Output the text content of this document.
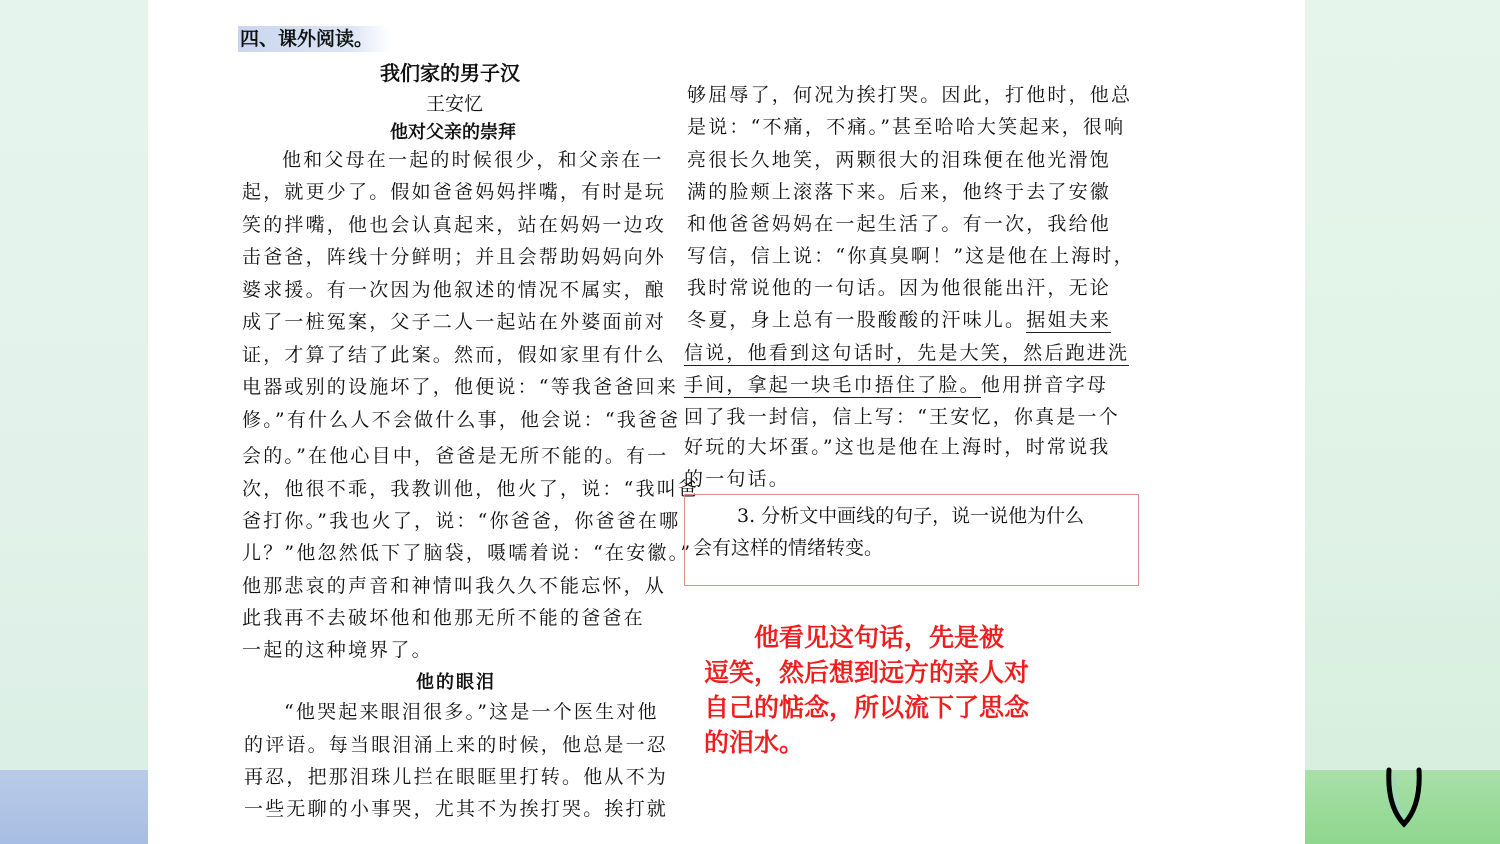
四、课外阅读。
我们家的男子汉
王安忆
他对父亲的崇拜
他的眼泪
他和父母在一起的时候很少，和父亲在一
起，就更少了。假如爸爸妈妈拌嘴，有时是玩
笑的拌嘴，他也会认真起来，站在妈妈一边攻
击爸爸，阵线十分鲜明；并且会帮助妈妈向外
婆求援。有一次因为他叙述的情况不属实，酿
成了一桩冤案，父子二人一起站在外婆面前对
证，才算了结了此案。然而，假如家里有什么
电器或别的设施坏了，他便说：“等我爸爸回来
修。”有什么人不会做什么事，他会说：“我爸爸
会的。”在他心目中，爸爸是无所不能的。有一
次，他很不乖，我教训他，他火了，说：“我叫爸
爸打你。”我也火了，说：“你爸爸，你爸爸在哪
儿？”他忽然低下了脑袋，嗫嚅着说：“在安徽。”
他那悲哀的声音和神情叫我久久不能忘怀，从
此我再不去破坏他和他那无所不能的爸爸在
一起的这种境界了。
“他哭起来眼泪很多。”这是一个医生对他
的评语。每当眼泪涌上来的时候，他总是一忍
再忍，把那泪珠儿拦在眼眶里打转。他从不为
一些无聊的小事哭，尤其不为挨打哭。挨打就
够屈辱了，何况为挨打哭。因此，打他时，他总
是说：“不痛，不痛。”甚至哈哈大笑起来，很响
亮很长久地笑，两颗很大的泪珠便在他光滑饱
满的脸颊上滚落下来。后来，他终于去了安徽
和他爸爸妈妈在一起生活了。有一次，我给他
写信，信上说：“你真臭啊！”这是他在上海时，
我时常说他的一句话。因为他很能出汗，无论
冬夏，身上总有一股酸酸的汗味儿。据姐夫来
信说，他看到这句话时，先是大笑，然后跑进洗
手间，拿起一块毛巾捂住了脸。他用拼音字母
回了我一封信，信上写：“王安忆，你真是一个
好玩的大坏蛋。”这也是他在上海时，时常说我
的一句话。
3. 分析文中画线的句子，说一说他为什么
会有这样的情绪转变。
　　他看见这句话，先是被
逗笑，然后想到远方的亲人对
自己的惦念，所以流下了思念
的泪水。
